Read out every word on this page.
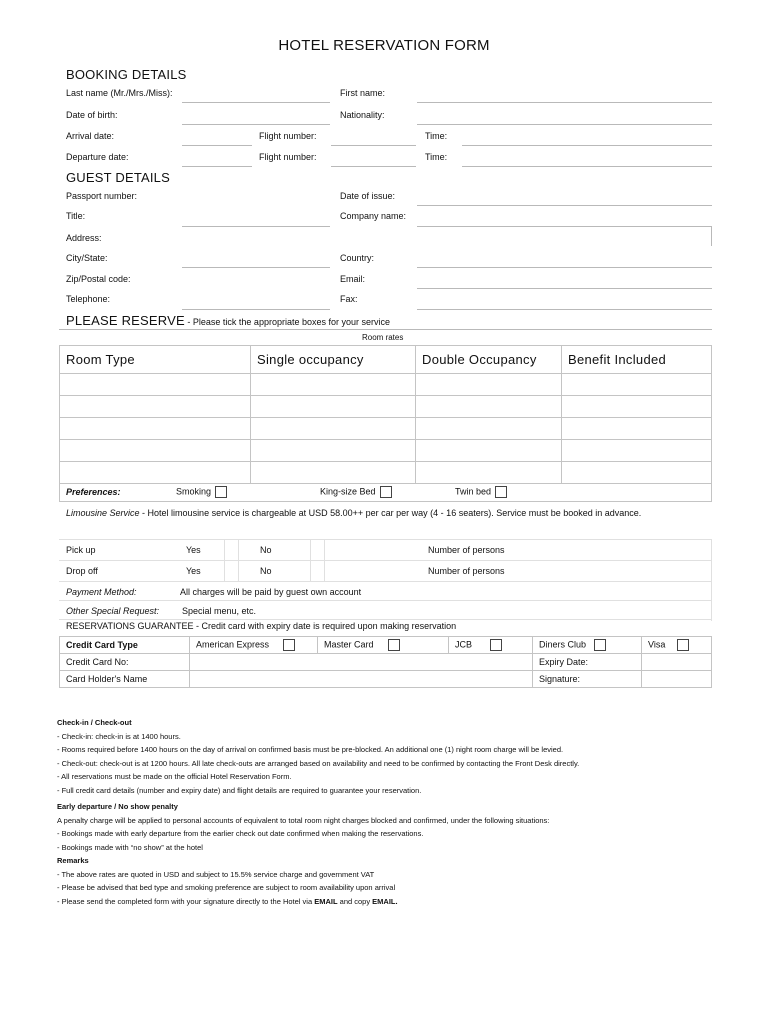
HOTEL RESERVATION FORM
BOOKING DETAILS
Last name (Mr./Mrs./Miss):	First name:
Date of birth:	Nationality:
Arrival date:	Flight number:	Time:
Departure date:	Flight number:	Time:
GUEST DETAILS
Passport number:	Date of issue:
Title:	Company name:
Address:
City/State:	Country:
Zip/Postal code:	Email:
Telephone:	Fax:
PLEASE RESERVE - Please tick the appropriate boxes for your service
Room rates
Room Type	Single occupancy	Double Occupancy	Benefit Included

Preferences: Smoking King-size Bed Twin bed			
Limousine Service - Hotel limousine service is chargeable at USD 58.00++ per car per way (4 - 16 seaters). Service must be booked in advance.
Pick up	Yes	No	Number of persons
Drop off	Yes	No	Number of persons
Payment Method:	All charges will be paid by guest own account
Other Special Request:	Special menu, etc.
RESERVATIONS GUARANTEE - Credit card with expiry date is required upon making reservation
Credit Card Type	American Express	Master Card	JCB	Diners Club	Visa
Credit Card No:				Expiry Date:	
Card Holder's Name				Signature:	
Check-in / Check-out
- Check-in: check-in is at 1400 hours.
- Rooms required before 1400 hours on the day of arrival on confirmed basis must be pre-blocked. An additional one (1) night room charge will be levied.
- Check-out: check-out is at 1200 hours. All late check-outs are arranged based on availability and need to be confirmed by contacting the Front Desk directly.
- All reservations must be made on the official Hotel Reservation Form.
- Full credit card details (number and expiry date) and flight details are required to guarantee your reservation.
Early departure / No show penalty
A penalty charge will be applied to personal accounts of equivalent to total room night charges blocked and confirmed, under the following situations:
- Bookings made with early departure from the earlier check out date confirmed when making the reservations.
- Bookings made with “no show” at the hotel
Remarks
- The above rates are quoted in USD and subject to 15.5% service charge and government VAT
- Please be advised that bed type and smoking preference are subject to room availability upon arrival
- Please send the completed form with your signature directly to the Hotel via EMAIL and copy EMAIL.
